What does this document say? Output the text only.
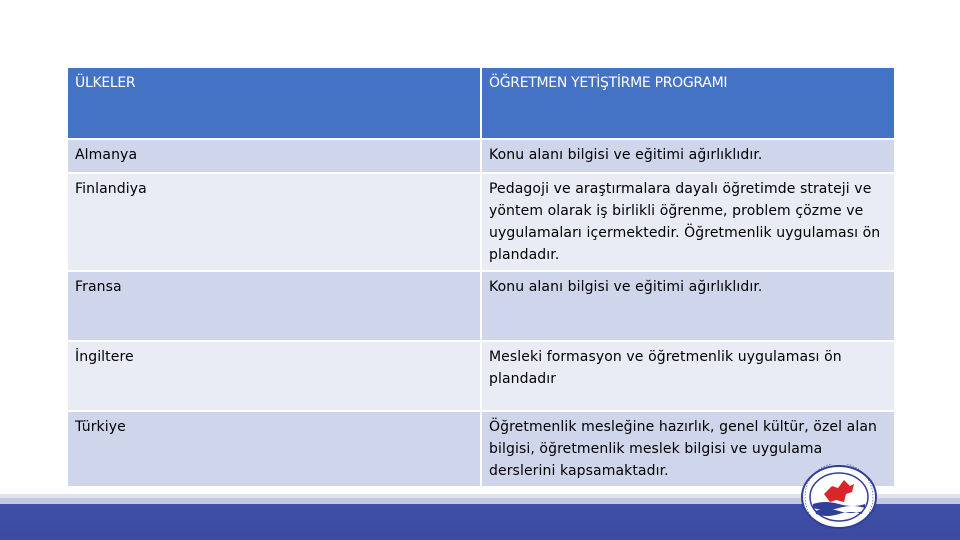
ÜLKELER	ÖĞRETMEN YETİŞTİRME PROGRAMI
Almanya	Konu alanı bilgisi ve eğitimi ağırlıklıdır.
Finlandiya	Pedagoji ve araştırmalara dayalı öğretimde strateji ve yöntem olarak iş birlikli öğrenme, problem çözme ve uygulamaları içermektedir. Öğretmenlik uygulaması ön plandadır.
Fransa	Konu alanı bilgisi ve eğitimi ağırlıklıdır.
İngiltere	Mesleki formasyon ve öğretmenlik uygulaması ön plandadır
Türkiye	Öğretmenlik mesleğine hazırlık, genel kültür, özel alan bilgisi, öğretmenlik meslek bilgisi ve uygulama derslerini kapsamaktadır.
